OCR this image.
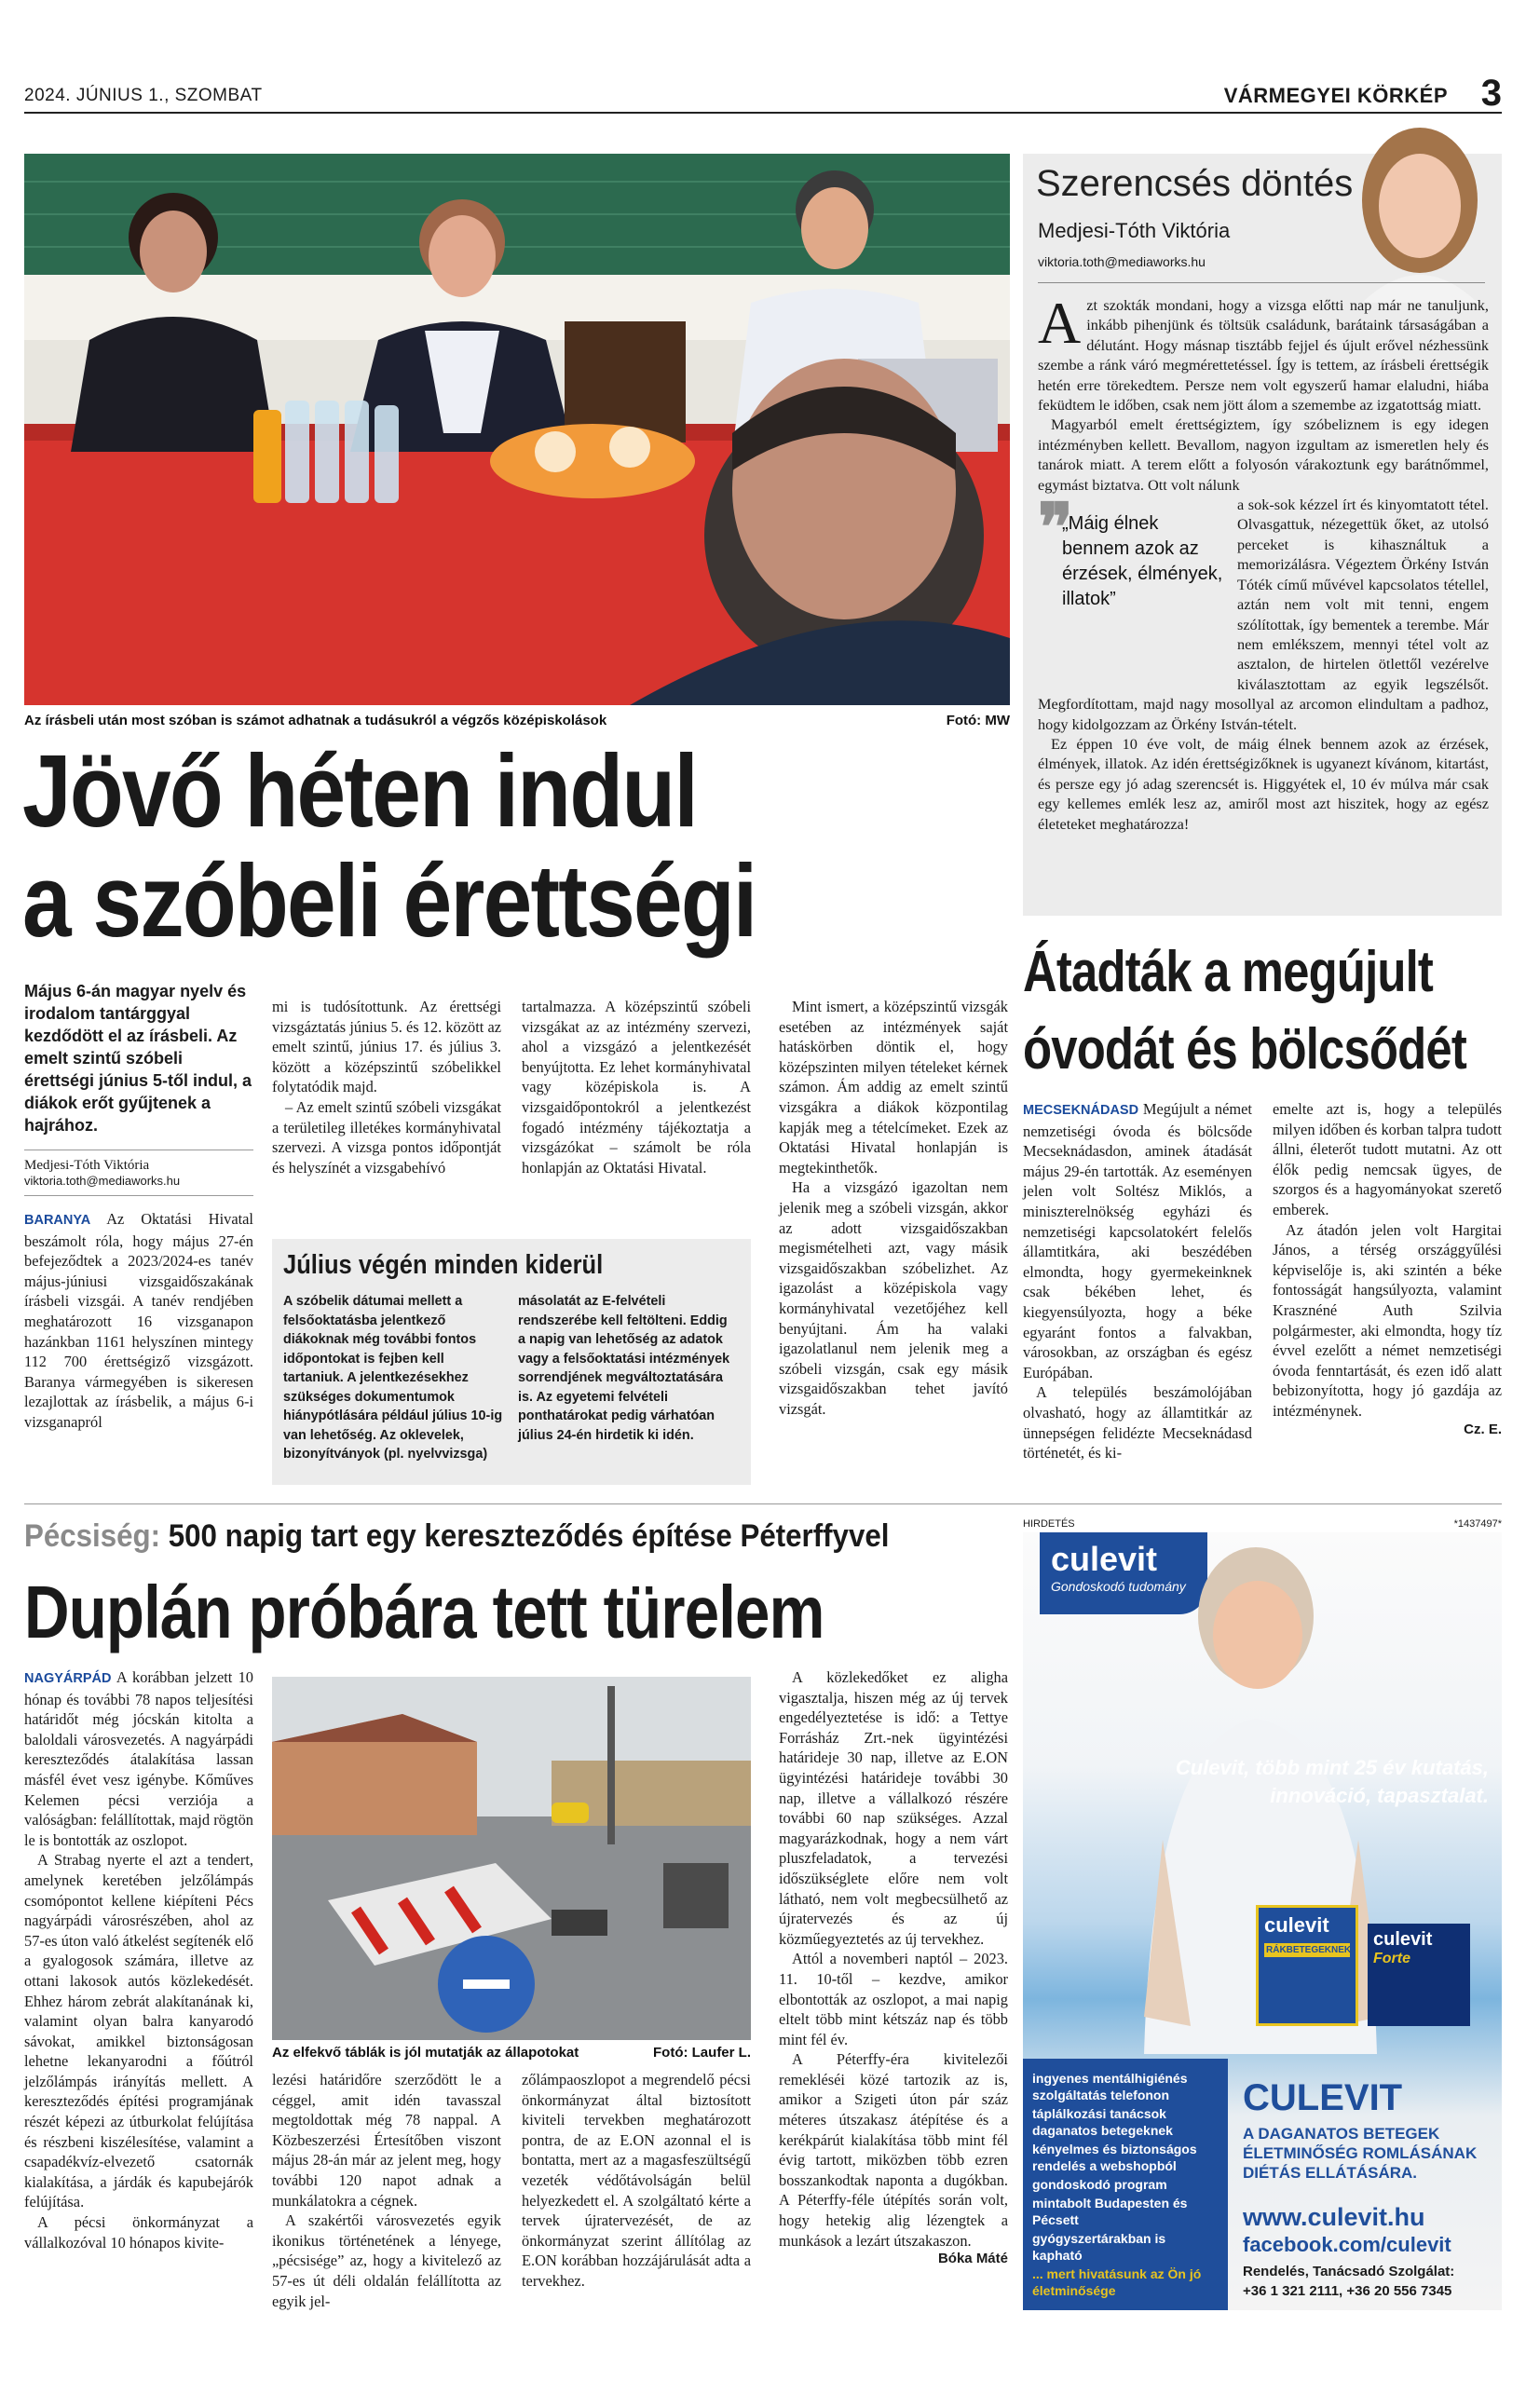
2024. JÚNIUS 1., SZOMBAT	VÁRMEGYEI KÖRKÉP 3
Az írásbeli után most szóban is számot adhatnak a tudásukról a végzős középiskolások	Fotó: MW
Jövő héten indul
a szóbeli érettségi
Május 6-án magyar nyelv és irodalom tantárggyal kezdődött el az írásbeli. Az emelt szintű szóbeli érettségi június 5-től indul, a diákok erőt gyűjtenek a hajrához.
Medjesi-Tóth Viktória
viktoria.toth@mediaworks.hu

BARANYA Az Oktatási Hivatal beszámolt róla, hogy május 27-én befejeződtek a 2023/2024-es tanév május-júniusi vizsgaidőszakának írásbeli vizsgái. A tanév rendjében meghatározott 16 vizsganapon hazánkban 1161 helyszínen mintegy 112 700 érettségiző vizsgázott. Baranya vármegyében is sikeresen lezajlottak az írásbelik, a május 6-i vizsganapról

mi is tudósítottunk. Az érettségi vizsgáztatás június 5. és 12. között az emelt szintű, június 17. és július 3. között a középszintű szóbelikkel folytatódik majd.

– Az emelt szintű szóbeli vizsgákat a területileg illetékes kormányhivatal szervezi. A vizsga pontos időpontját és helyszínét a vizsgabehívó

tartalmazza. A középszintű szóbeli vizsgákat az az intézmény szervezi, ahol a vizsgázó a jelentkezését benyújtotta. Ez lehet kormányhivatal vagy középiskola is. A vizsgaidőpontokról a jelentkezést fogadó intézmény tájékoztatja a vizsgázókat – számolt be róla honlapján az Oktatási Hivatal.

Mint ismert, a középszintű vizsgák esetében az intézmények saját hatáskörben döntik el, hogy középszinten milyen tételeket kérnek számon. Ám addig az emelt szintű vizsgákra a diákok központilag kapják meg a tételcímeket. Ezek az Oktatási Hivatal honlapján is megtekinthetők.

Ha a vizsgázó igazoltan nem jelenik meg a szóbeli vizsgán, akkor az adott vizsgaidőszakban megismételheti azt, vagy másik vizsgaidőszakban szóbelizhet. Az igazolást a középiskola vagy kormányhivatal vezetőjéhez kell benyújtani. Ám ha valaki igazolatlanul nem jelenik meg a szóbeli vizsgán, csak egy másik vizsgaidőszakban tehet javító vizsgát.

Július végén minden kiderül
A szóbelik dátumai mellett a felsőoktatásba jelentkező diákoknak még további fontos időpontokat is fejben kell tartaniuk. A jelentkezésekhez szükséges dokumentumok hiánypótlására például július 10-ig van lehetőség. Az oklevelek, bizonyítványok (pl. nyelvvizsga)
másolatát az E-felvételi rendszerébe kell feltölteni. Eddig a napig van lehetőség az adatok vagy a felsőoktatási intézmények sorrendjének megváltoztatására is. Az egyetemi felvételi ponthatárokat pedig várhatóan július 24-én hirdetik ki idén.
Szerencsés döntés
Medjesi-Tóth Viktória
viktoria.toth@mediaworks.hu

Azt szokták mondani, hogy a vizsga előtti nap már ne tanuljunk, inkább pihenjünk és töltsük családunk, barátaink társaságában a délutánt. Hogy másnap tisztább fejjel és újult erővel nézhessünk szembe a ránk váró megmérettetéssel. Így is tettem, az írásbeli érettségik hetén erre törekedtem. Persze nem volt egyszerű hamar elaludni, hiába feküdtem le időben, csak nem jött álom a szemembe az izgatottság miatt.

Magyarból emelt érettségiztem, így szóbeliznem is egy idegen intézményben kellett. Bevallom, nagyon izgultam az ismeretlen hely és tanárok miatt. A terem előtt a folyosón várakoztunk egy barátnőmmel, egymást biztatva. Ott volt nálunk

❞
„Máig élnek bennem azok az érzések, élmények, illatok”

a sok-sok kézzel írt és kinyomtatott tétel. Olvasgattuk, nézegettük őket, az utolsó perceket is kihasználtuk a memorizálásra. Végeztem Örkény István Tóték című művével kapcsolatos tétellel, aztán nem volt mit tenni, engem szólítottak, így bementek a terembe. Már nem emlékszem, mennyi tétel volt az asztalon, de hirtelen ötlettől vezérelve kiválasztottam az egyik legszélsőt. Megfordítottam, majd nagy mosollyal az arcomon elindultam a padhoz, hogy kidolgozzam az Örkény István-tételt.

Ez éppen 10 éve volt, de máig élnek bennem azok az érzések, élmények, illatok. Az idén érettségizőknek is ugyanezt kívánom, kitartást, és persze egy jó adag szerencsét is. Higgyétek el, 10 év múlva már csak egy kellemes emlék lesz az, amiről most azt hiszitek, hogy az egész életeteket meghatározza!

Átadták a megújult
óvodát és bölcsődét

MECSEKNÁDASD Megújult a német nemzetiségi óvoda és bölcsőde Mecseknádasdon, aminek átadását május 29-én tartották. Az eseményen jelen volt Soltész Miklós, a miniszterelnökség egyházi és nemzetiségi kapcsolatokért felelős államtitkára, aki beszédében elmondta, hogy gyermekeinknek csak békében lehet, és kiegyensúlyozta, hogy a béke egyaránt fontos a falvakban, városokban, az országban és egész Európában.

A település beszámolójában olvasható, hogy az államtitkár az ünnepségen felidézte Mecseknádasd történetét, és ki-

emelte azt is, hogy a település milyen időben és korban talpra tudott állni, életerőt tudott mutatni. Az ott élők pedig nemcsak ügyes, de szorgos és a hagyományokat szerető emberek.

Az átadón jelen volt Hargitai János, a térség országgyűlési képviselője is, aki szintén a béke fontosságát hangsúlyozta, valamint Krasznéné Auth Szilvia polgármester, aki elmondta, hogy tíz évvel ezelőtt a német nemzetiségi óvoda fenntartását, és ezen idő alatt bebizonyította, hogy jó gazdája az intézménynek.

Cz. E.
Pécsiség: 500 napig tart egy kereszteződés építése Péterffyvel
Duplán próbára tett türelem

NAGYÁRPÁD A korábban jelzett 10 hónap és további 78 napos teljesítési határidőt még jócskán kitolta a baloldali városvezetés. A nagyárpádi kereszteződés átalakítása lassan másfél évet vesz igénybe. Kőműves Kelemen pécsi verziója a valóságban: felállítottak, majd rögtön le is bontották az oszlopot.

A Strabag nyerte el azt a tendert, amelynek keretében jelzőlámpás csomópontot kellene kiépíteni Pécs nagyárpádi városrészében, ahol az 57-es úton való átkelést segítenék elő a gyalogosok számára, illetve az ottani lakosok autós közlekedését. Ehhez három zebrát alakítanának ki, valamint olyan balra kanyarodó sávokat, amikkel biztonságosan lehetne lekanyarodni a főútról jelzőlámpás irányítás mellett. A kereszteződés építési programjának részét képezi az útburkolat felújítása és részbeni kiszélesítése, valamint a csapadékvíz-elvezető csatornák kialakítása, a járdák és kapubejárók felújítása.

A pécsi önkormányzat a vállalkozóval 10 hónapos kivite-

Az elfekvő táblák is jól mutatják az állapotokat	Fotó: Laufer L.

lezési határidőre szerződött le a céggel, amit idén tavasszal megtoldottak még 78 nappal. A Közbeszerzési Értesítőben viszont május 28-án már az jelent meg, hogy további 120 napot adnak a munkálatokra a cégnek.

A szakértői városvezetés egyik ikonikus történetének a lényege, „pécsisége” az, hogy a kivitelező az 57-es út déli oldalán felállította az egyik jel-

zőlámpaoszlopot a megrendelő pécsi önkormányzat által biztosított kiviteli tervekben meghatározott pontra, de az E.ON azonnal el is bontatta, mert az a magasfeszültségű vezeték védőtávolságán belül helyezkedett el. A szolgáltató kérte a tervek újratervezését, de az önkormányzat szerint állítólag az E.ON korábban hozzájárulását adta a tervekhez.

A közlekedőket ez aligha vigasztalja, hiszen még az új tervek engedélyeztetése is idő: a Tettye Forrásház Zrt.-nek ügyintézési határideje 30 nap, illetve az E.ON ügyintézési határideje további 30 nap, illetve a vállalkozó részére további 60 nap szükséges. Azzal magyarázkodnak, hogy a nem várt pluszfeladatok, a tervezési időszükséglete előre nem volt látható, nem volt megbecsülhető az újratervezés és az új közműegyeztetés az új tervekhez.

Attól a novemberi naptól – 2023. 11. 10-től – kezdve, amikor elbontották az oszlopot, a mai napig eltelt több mint kétszáz nap és több mint fél év.

A Péterffy-éra kivitelezői remekléséi közé tartozik az is, amikor a Szigeti úton pár száz méteres útszakasz átépítése és a kerékpárút kialakítása több mint fél évig tartott, miközben több ezren bosszankodtak naponta a dugókban. A Péterffy-féle útépítés során volt, hogy hetekig alig lézengtek a munkások a lezárt útszakaszon.

Bóka Máté
HIRDETÉS	*1437497*
culevit
Gondoskodó tudomány
Culevit, több mint 25 év kutatás,
innováció, tapasztalat.
culevit
RÁKBETEGEKNEK
culevit
Forte
ingyenes mentálhigiénés szolgáltatás telefonon
táplálkozási tanácsok daganatos betegeknek
kényelmes és biztonságos rendelés a webshopból
gondoskodó program
mintabolt Budapesten és Pécsett
gyógyszertárakban is kapható
... mert hivatásunk az Ön jó életminősége
CULEVIT
A DAGANATOS BETEGEK ÉLETMINŐSÉG ROMLÁSÁNAK DIÉTÁS ELLÁTÁSÁRA.
www.culevit.hu
facebook.com/culevit
Rendelés, Tanácsadó Szolgálat:
+36 1 321 2111, +36 20 556 7345
